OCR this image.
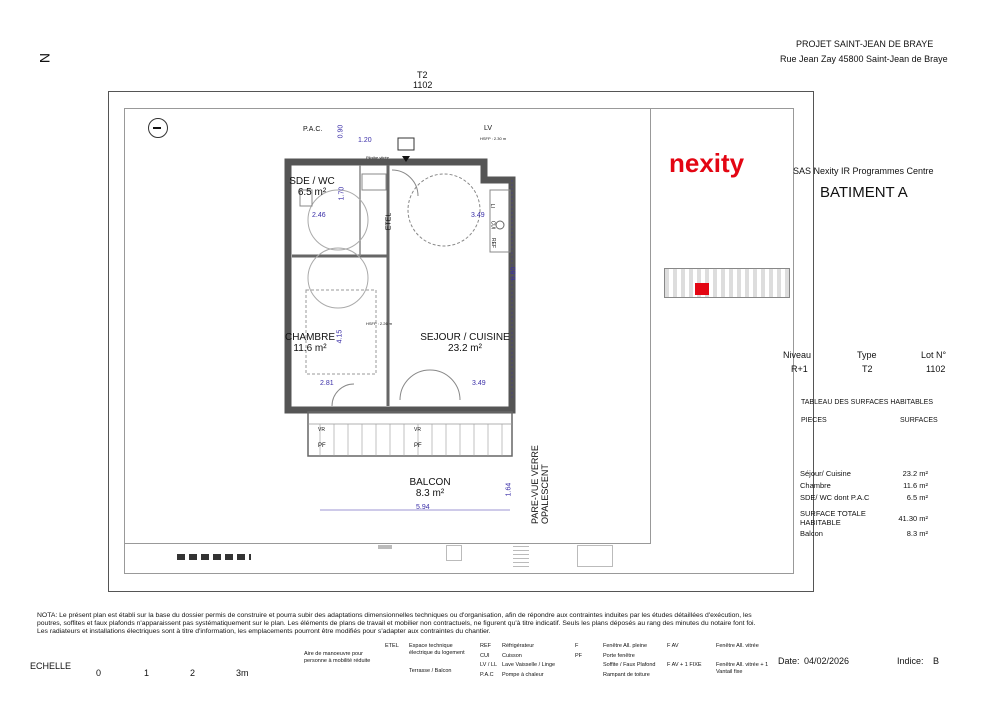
N
PROJET SAINT-JEAN DE BRAYE
Rue Jean Zay 45800 Saint-Jean de Braye
T2
1102
P.A.C.	LV
HSFP : 2.30 m
Plinthe vitrée
HSFP : 2.26 m
ETEL
0.90
1.20
1.70
2.46	3.49
6.80
4.15
2.81	3.49
5.94
1.64
LI
CUI
REF
SDE / WC
6.5 m²
CHAMBRE
11.6 m²
SEJOUR / CUISINE
23.2 m²
BALCON
8.3 m²
VR	VR
PF	PF	PARE-VUE VERRE OPALESCENT
nexity	SAS Nexity IR Programmes Centre
BATIMENT A
Niveau	Type	Lot N°
R+1	T2	1102
TABLEAU DES SURFACES HABITABLES
PIECES	SURFACES
Séjour/ Cuisine	23.2 m²
Chambre	11.6 m²
SDE/ WC dont P.A.C	6.5 m²
SURFACE TOTALE HABITABLE	41.30 m²
Balcon	8.3 m²
NOTA: Le présent plan est établi sur la base du dossier permis de construire et pourra subir des adaptations dimensionnelles techniques ou d'organisation, afin de répondre aux contraintes induites par les études détaillées d'exécution, les poutres, soffites et faux plafonds n'apparaissent pas systématiquement sur le plan. Les éléments de plans de travail et mobilier non contractuels, ne figurent qu'à titre indicatif. Seuls les plans déposés au rang des minutes du notaire font foi. Les radiateurs et installations électriques sont à titre d'information, les emplacements pourront être modifiés pour s'adapter aux contraintes du chantier.
ECHELLE
0	1	2	3m
Aire de manoeuvre pour personne à mobilité réduite
ETEL Espace technique électrique du logement
Terrasse / Balcon
REF Réfrigérateur
CUI Cuisson
LV / LL Lave Vaisselle / Linge
P.A.C Pompe à chaleur
F	Fenêtre All. pleine
PF	Porte fenêtre
Soffite / Faux Plafond
Rampant de toiture
F AV	Fenêtre All. vitrée
F AV + 1 FIXE	Fenêtre All. vitrée + 1 Vantail fixe
Date: 04/02/2026	Indice: B
